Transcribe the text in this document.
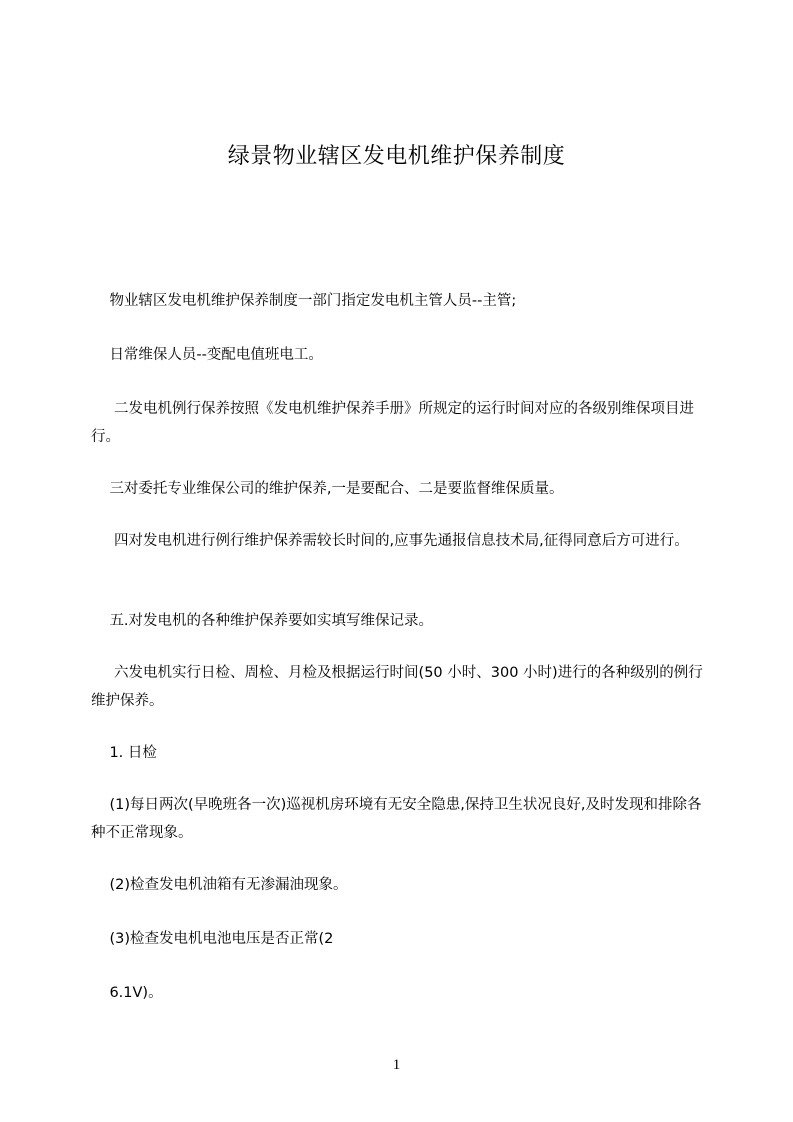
绿景物业辖区发电机维护保养制度
物业辖区发电机维护保养制度一部门指定发电机主管人员--主管;
日常维保人员--变配电值班电工。
二发电机例行保养按照《发电机维护保养手册》所规定的运行时间对应的各级别维保项目进行。
三对委托专业维保公司的维护保养,一是要配合、二是要监督维保质量。
四对发电机进行例行维护保养需较长时间的,应事先通报信息技术局,征得同意后方可进行。
五.对发电机的各种维护保养要如实填写维保记录。
六发电机实行日检、周检、月检及根据运行时间(50 小时、300 小时)进行的各种级别的例行维护保养。
1. 日检
(1)每日两次(早晚班各一次)巡视机房环境有无安全隐患,保持卫生状况良好,及时发现和排除各种不正常现象。
(2)检查发电机油箱有无渗漏油现象。
(3)检查发电机电池电压是否正常(2
6.1V)。
1
